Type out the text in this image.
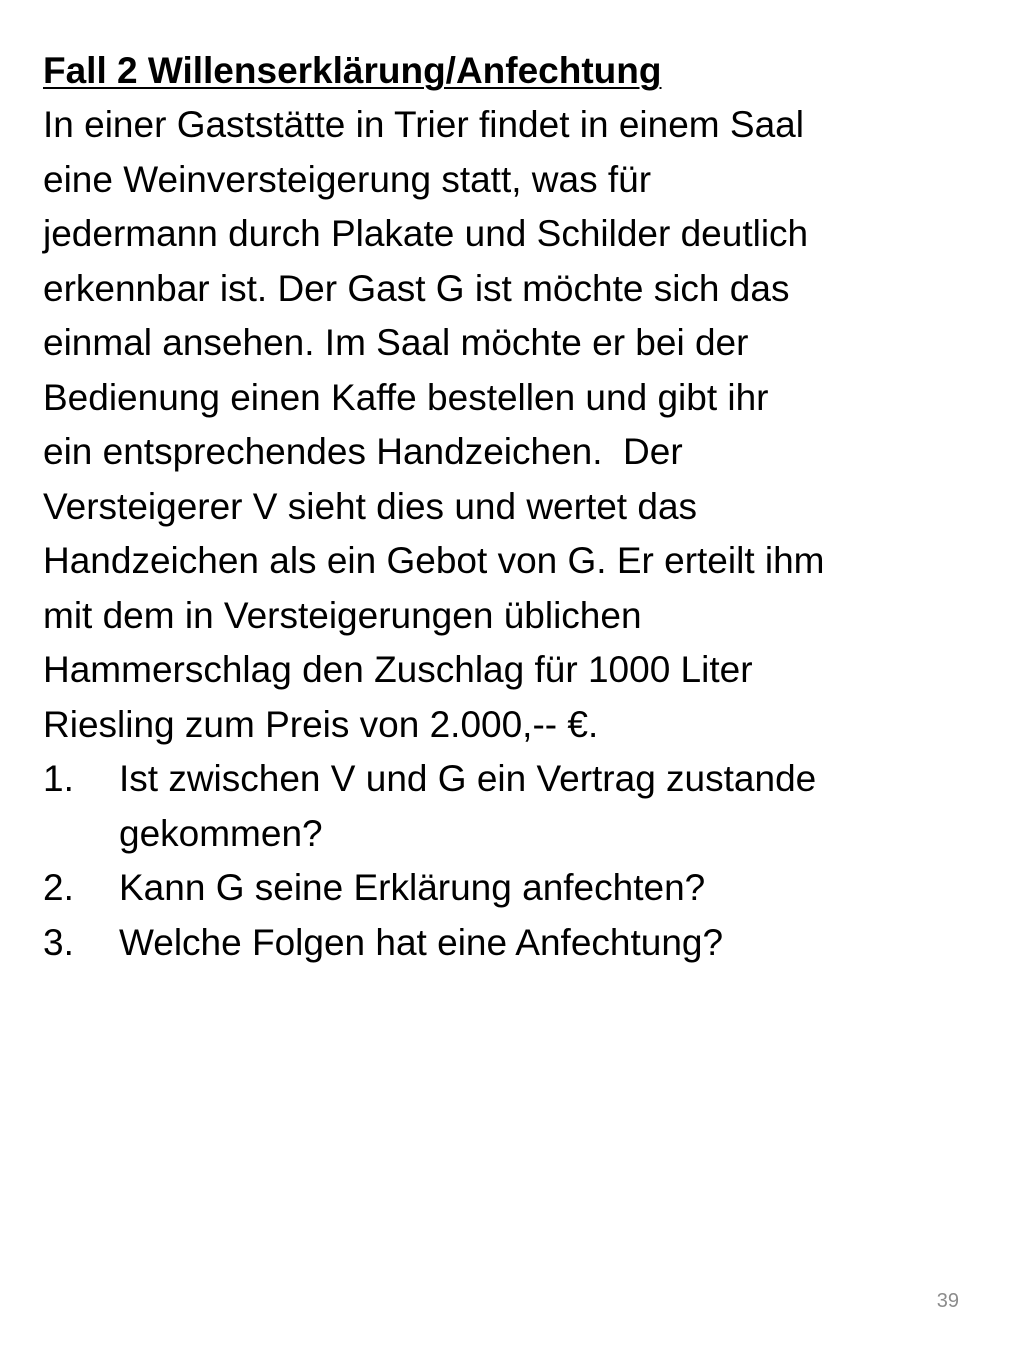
Fall 2 Willenserklärung/Anfechtung

In einer Gaststätte in Trier findet in einem Saal

eine Weinversteigerung statt, was für

jedermann durch Plakate und Schilder deutlich

erkennbar ist. Der Gast G ist möchte sich das

einmal ansehen. Im Saal möchte er bei der

Bedienung einen Kaffe bestellen und gibt ihr

ein entsprechendes Handzeichen.  Der

Versteigerer V sieht dies und wertet das

Handzeichen als ein Gebot von G. Er erteilt ihm

mit dem in Versteigerungen üblichen

Hammerschlag den Zuschlag für 1000 Liter

Riesling zum Preis von 2.000,-- €.

1.	Ist zwischen V und G ein Vertrag zustande
gekommen?
2.	Kann G seine Erklärung anfechten?
3.	Welche Folgen hat eine Anfechtung?
39
